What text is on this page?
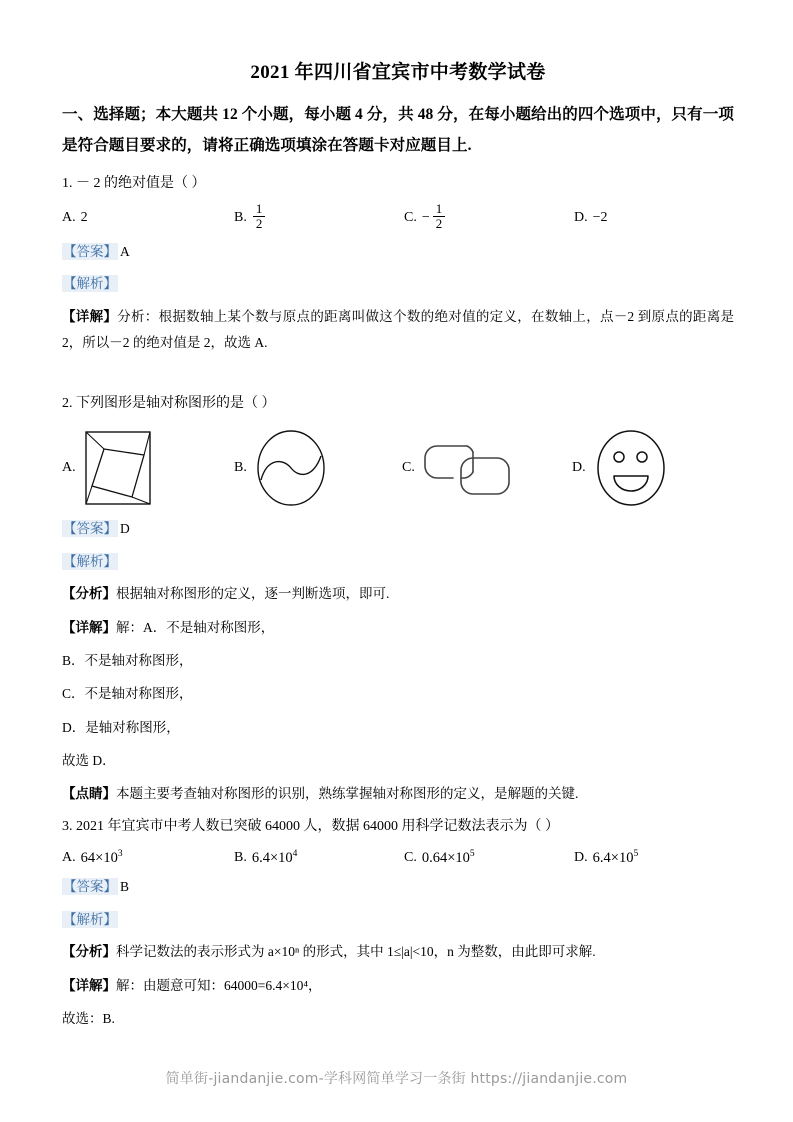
2021 年四川省宜宾市中考数学试卷
一、选择题；本大题共 12 个小题，每小题 4 分，共 48 分，在每小题给出的四个选项中，只有一项是符合题目要求的，请将正确选项填涂在答题卡对应题目上.
1. － 2 的绝对值是（ ）
A. 2	B. $\frac{1}{2}$	C. − $\frac{1}{2}$	D. −2
【答案】 A
【解析】
【详解】分析：根据数轴上某个数与原点的距离叫做这个数的绝对值的定义，在数轴上，点－2 到原点的距离是 2，所以－2 的绝对值是 2，故选 A.
2. 下列图形是轴对称图形的是（ ）
A.	B.	C.	D.
【答案】 D
【解析】
【分析】根据轴对称图形的定义，逐一判断选项，即可.
【详解】解：A．不是轴对称图形，
B．不是轴对称图形，
C．不是轴对称图形，
D．是轴对称图形，
故选 D．
【点睛】本题主要考查轴对称图形的识别，熟练掌握轴对称图形的定义，是解题的关键.
3. 2021 年宜宾市中考人数已突破 64000 人，数据 64000 用科学记数法表示为（ ）
A. $64\times 10^3$	B. $6.4\times 10^4$	C. $0.64\times 10^5$	D. $6.4\times 10^5$
【答案】 B
【解析】
【分析】科学记数法的表示形式为 a×10ⁿ 的形式，其中 1≤|a|<10，n 为整数，由此即可求解.
【详解】解：由题意可知：64000=6.4×10⁴，
故选：B.
简单街-jiandanjie.com-学科网简单学习一条街 https://jiandanjie.com
